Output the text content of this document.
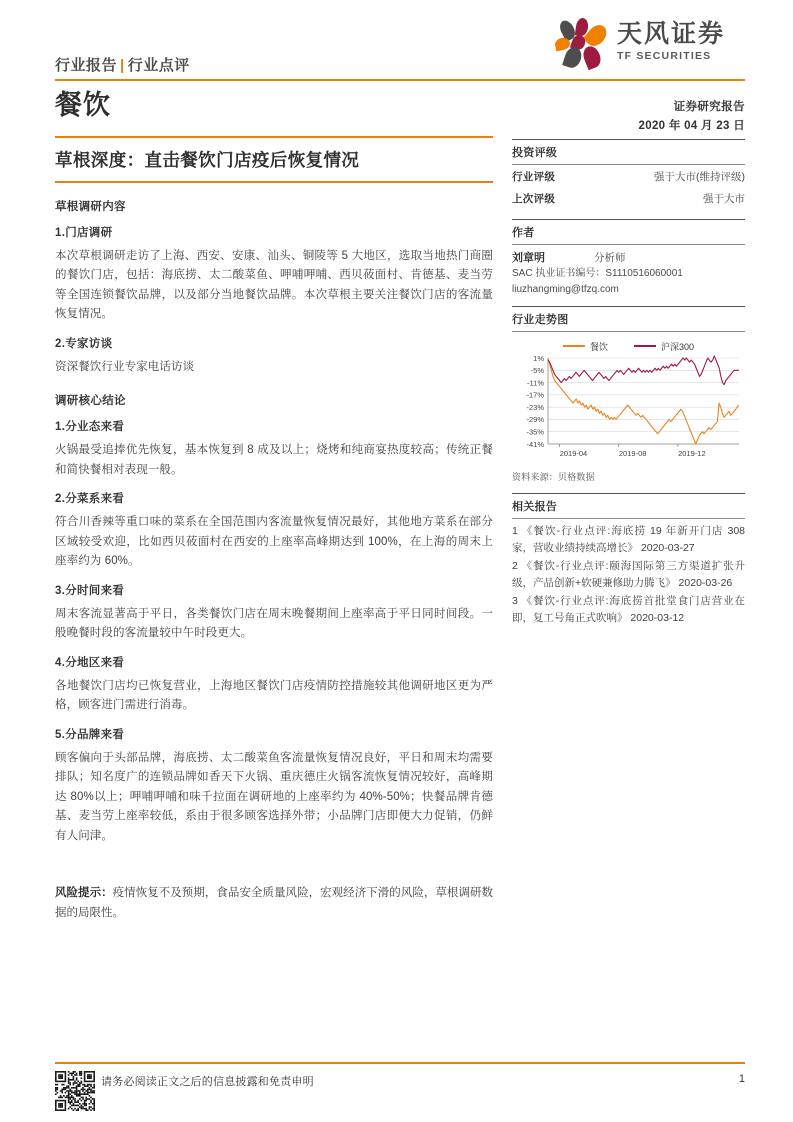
行业报告 | 行业点评
天风证券
TF SECURITIES
餐饮
草根深度：直击餐饮门店疫后恢复情况
草根调研内容
1.门店调研

本次草根调研走访了上海、西安、安康、汕头、铜陵等 5 大地区，选取当地热门商圈的餐饮门店，包括：海底捞、太二酸菜鱼、呷哺呷哺、西贝莜面村、肯德基、麦当劳等全国连锁餐饮品牌，以及部分当地餐饮品牌。本次草根主要关注餐饮门店的客流量恢复情况。

2.专家访谈

资深餐饮行业专家电话访谈

调研核心结论
1.分业态来看

火锅最受追捧优先恢复，基本恢复到 8 成及以上；烧烤和纯商宴热度较高；传统正餐和简快餐相对表现一般。

2.分菜系来看

符合川香辣等重口味的菜系在全国范围内客流量恢复情况最好，其他地方菜系在部分区域较受欢迎，比如西贝莜面村在西安的上座率高峰期达到 100%，在上海的周末上座率约为 60%。

3.分时间来看

周末客流显著高于平日，各类餐饮门店在周末晚餐期间上座率高于平日同时间段。一般晚餐时段的客流量较中午时段更大。

4.分地区来看

各地餐饮门店均已恢复营业，上海地区餐饮门店疫情防控措施较其他调研地区更为严格，顾客进门需进行消毒。

5.分品牌来看

顾客偏向于头部品牌，海底捞、太二酸菜鱼客流量恢复情况良好，平日和周末均需要排队；知名度广的连锁品牌如香天下火锅、重庆德庄火锅客流恢复情况较好，高峰期达 80%以上；呷哺呷哺和味千拉面在调研地的上座率约为 40%-50%；快餐品牌肯德基、麦当劳上座率较低，系由于很多顾客选择外带；小品牌门店即便大力促销，仍鲜有人问津。

风险提示：疫情恢复不及预期，食品安全质量风险，宏观经济下滑的风险，草根调研数据的局限性。

证券研究报告
2020 年 04 月 23 日
投资评级
行业评级	强于大市(维持评级)
上次评级	强于大市
作者
刘章明	分析师
SAC 执业证书编号：S1110516060001
liuzhangming@tfzq.com
行业走势图
餐饮	沪深300
1%
-5%
-11%
-17%
-23%
-29%
-35%
-41%
2019-04	2019-08	2019-12
资料来源：贝格数据
相关报告
1 《餐饮-行业点评:海底捞 19 年新开门店 308 家，营收业绩持续高增长》 2020-03-27
2 《餐饮-行业点评:颐海国际第三方渠道扩张升级，产品创新+软硬兼修助力腾飞》 2020-03-26
3 《餐饮-行业点评:海底捞首批堂食门店营业在即，复工号角正式吹响》 2020-03-12
请务必阅读正文之后的信息披露和免责申明	1
